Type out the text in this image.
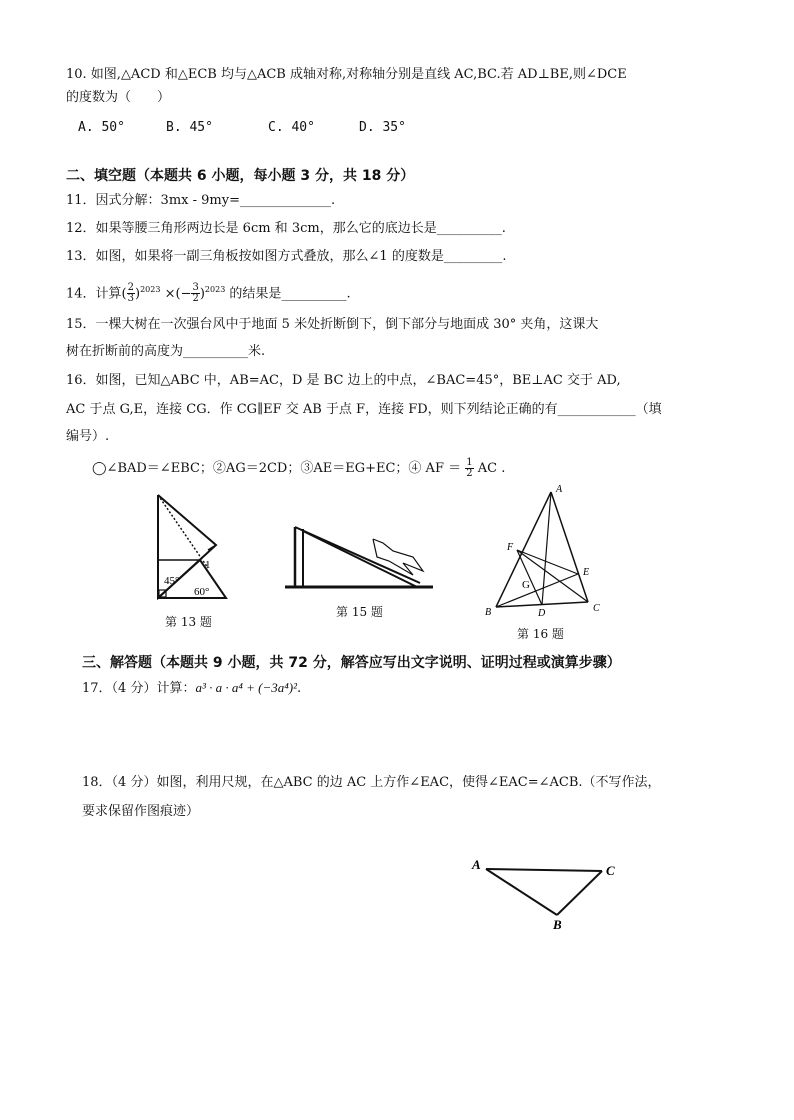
10. 如图,△ACD 和△ECB 均与△ACB 成轴对称,对称轴分别是直线 AC,BC.若 AD⊥BE,则∠DCE
的度数为（　　）
A. 50°	B. 45°	C. 40°	D. 35°
二、填空题（本题共 6 小题，每小题 3 分，共 18 分）
11．因式分解：3mx - 9my=______________.
12．如果等腰三角形两边长是 6cm 和 3cm，那么它的底边长是__________.
13．如图，如果将一副三角板按如图方式叠放，那么∠1 的度数是_________.
14．计算( $\frac{2}{3} )^{2023}$ ×(− $\frac{3}{2} )^{2023}$ 的结果是__________.
15．一棵大树在一次强台风中于地面 5 米处折断倒下，倒下部分与地面成 30° 夹角，这课大
树在折断前的高度为__________米.
16．如图，已知△ABC 中，AB=AC，D 是 BC 边上的中点，∠BAC=45°，BE⊥AC 交于 AD,
AC 于点 G,E，连接 CG．作 CG∥EF 交 AB 于点 F，连接 FD，则下列结论正确的有____________（填
编号）.
◯∠BAD＝∠EBC；②AG＝2CD；③AE＝EG+EC；④ AF ＝ $\frac{1}{2}$ AC .
45°
60°
1
第 13 题
第 15 题
A
F
E
G
B	D	C
第 16 题
三、解答题（本题共 9 小题，共 72 分，解答应写出文字说明、证明过程或演算步骤）
17．（4 分）计算：a³ · a · a⁴ + (−3a⁴)².
18．（4 分）如图，利用尺规，在△ABC 的边 AC 上方作∠EAC，使得∠EAC=∠ACB.（不写作法，
要求保留作图痕迹）
A	C
B
